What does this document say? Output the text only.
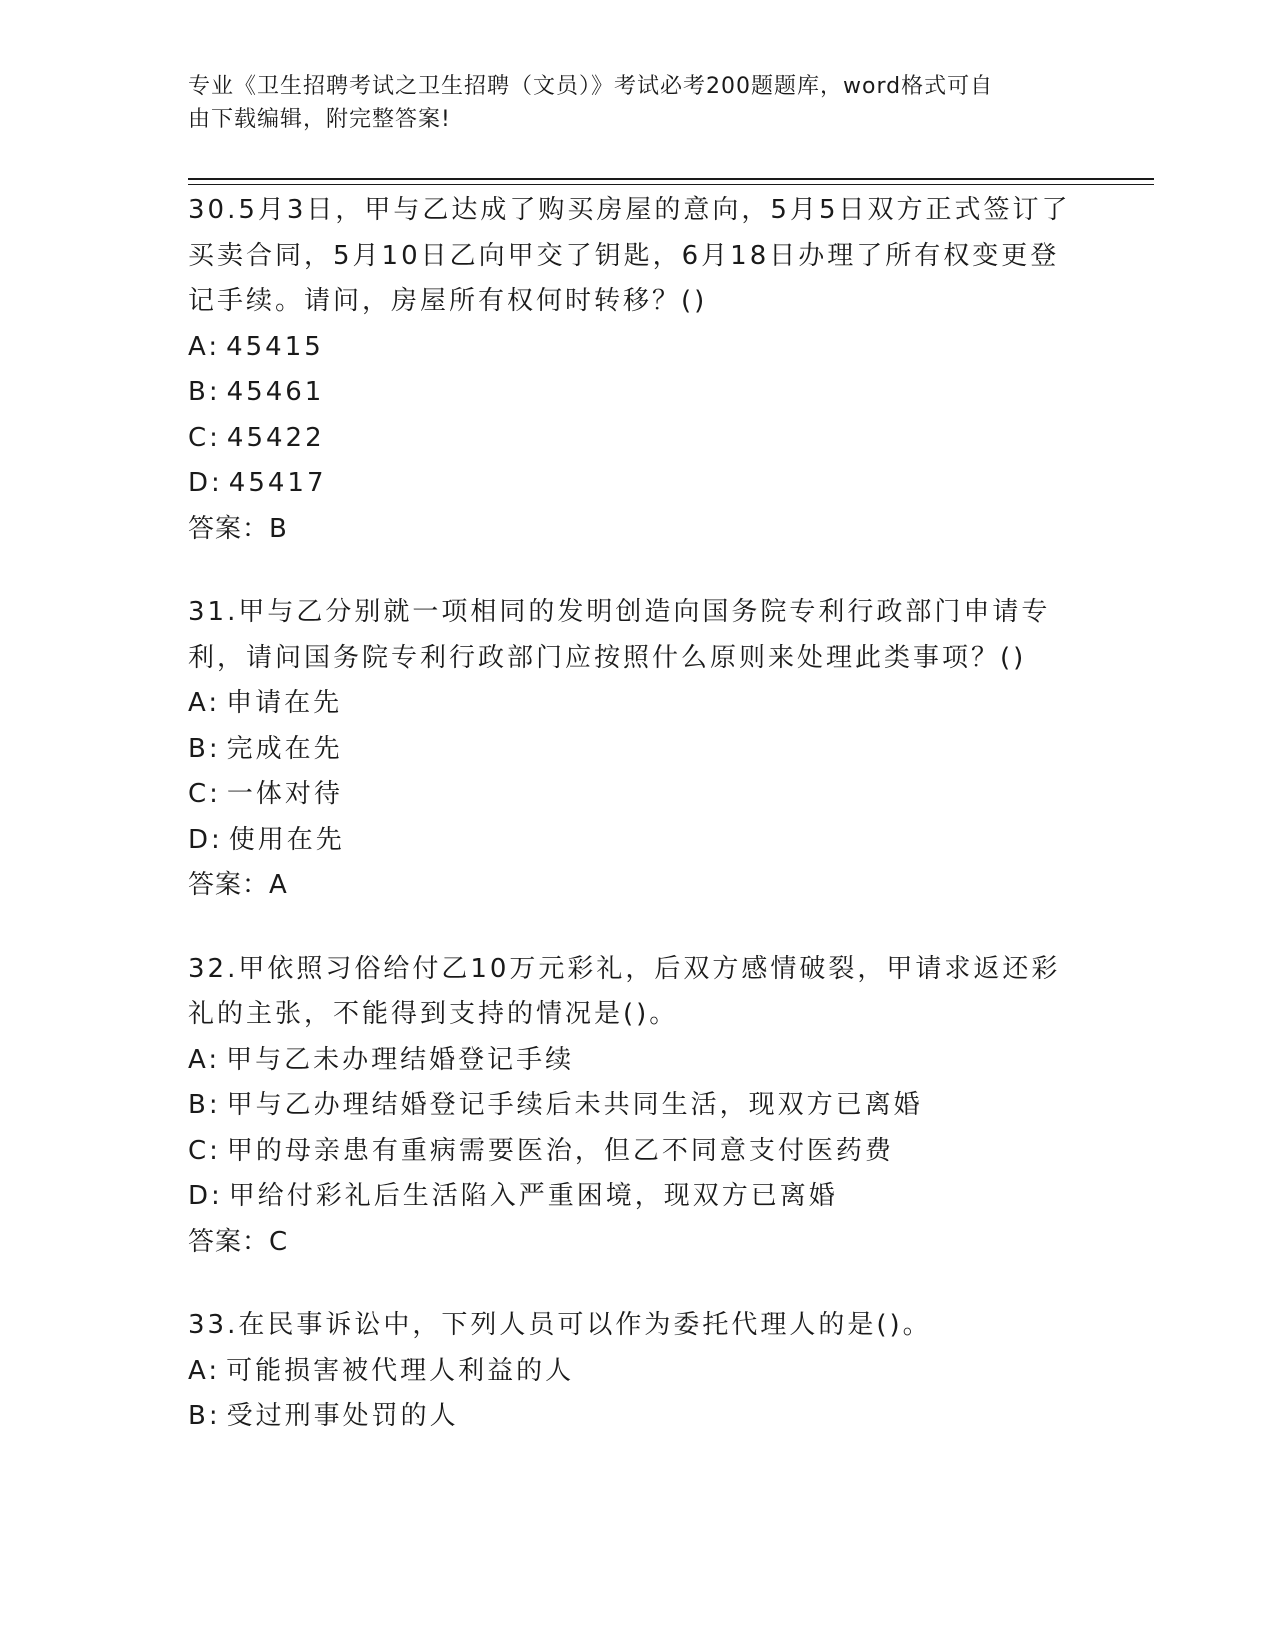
专业《卫生招聘考试之卫生招聘（文员）》考试必考200题题库，word格式可自
由下载编辑，附完整答案!
30.5月3日，甲与乙达成了购买房屋的意向，5月5日双方正式签订了买卖合同，5月10日乙向甲交了钥匙，6月18日办理了所有权变更登记手续。请问，房屋所有权何时转移？()
A: 45415
B: 45461
C: 45422
D: 45417
答案：B
31.甲与乙分别就一项相同的发明创造向国务院专利行政部门申请专利，请问国务院专利行政部门应按照什么原则来处理此类事项？()
A: 申请在先
B: 完成在先
C: 一体对待
D: 使用在先
答案：A
32.甲依照习俗给付乙10万元彩礼，后双方感情破裂，甲请求返还彩礼的主张，不能得到支持的情况是()。
A: 甲与乙未办理结婚登记手续
B: 甲与乙办理结婚登记手续后未共同生活，现双方已离婚
C: 甲的母亲患有重病需要医治，但乙不同意支付医药费
D: 甲给付彩礼后生活陷入严重困境，现双方已离婚
答案：C
33.在民事诉讼中，下列人员可以作为委托代理人的是()。
A: 可能损害被代理人利益的人
B: 受过刑事处罚的人
